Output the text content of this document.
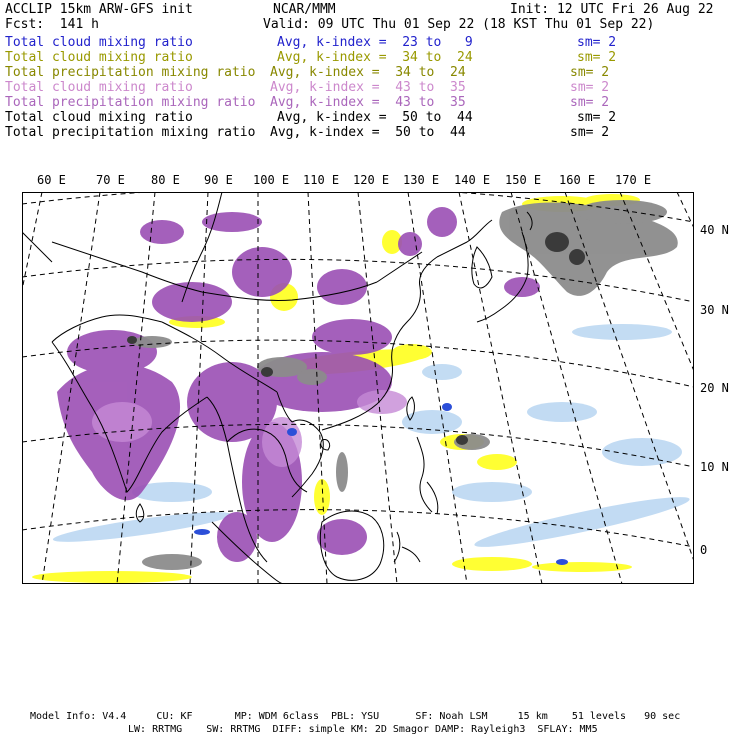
ACCLIP 15km ARW-GFS init	NCAR/MMM	Init: 12 UTC Fri 26 Aug 22
Fcst:  141 h	Valid: 09 UTC Thu 01 Sep 22 (18 KST Thu 01 Sep 22)
Total cloud mixing ratio	Avg, k-index =  23 to   9	sm= 2
Total cloud mixing ratio	Avg, k-index =  34 to  24	sm= 2
Total precipitation mixing ratio Avg, k-index =  34 to  24	sm= 2
Total cloud mixing ratio	Avg, k-index =  43 to  35	sm= 2
Total precipitation mixing ratio Avg, k-index =  43 to  35	sm= 2
Total cloud mixing ratio	Avg, k-index =  50 to  44	sm= 2
Total precipitation mixing ratio Avg, k-index =  50 to  44	sm= 2
60 E	70 E 80 E 90 E 100 E 110 E 120 E 130 E 140 E 150 E 160 E 170 E
40 N
30 N
20 N
10 N
0
Model Info: V4.4     CU: KF       MP: WDM 6class  PBL: YSU      SF: Noah LSM     15 km    51 levels   90 sec
LW: RRTMG    SW: RRTMG  DIFF: simple KM: 2D Smagor DAMP: Rayleigh3  SFLAY: MM5
